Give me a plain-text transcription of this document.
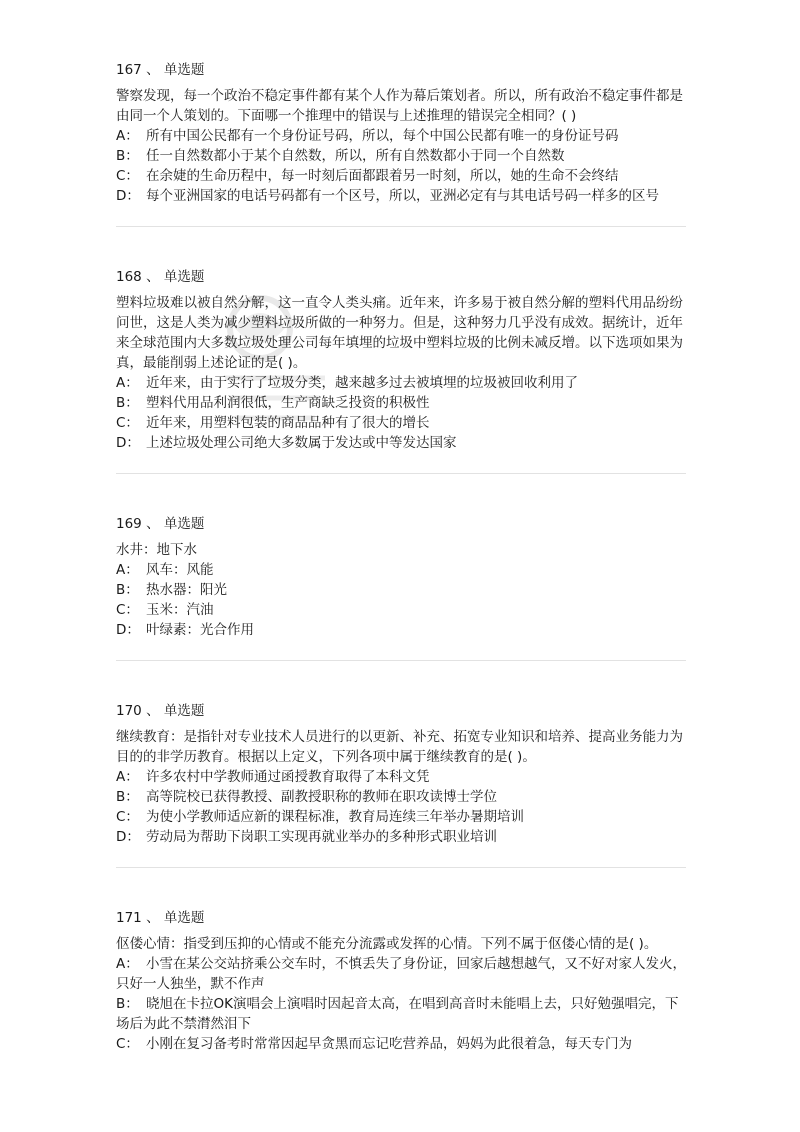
167 、 单选题

警察发现，每一个政治不稳定事件都有某个人作为幕后策划者。所以，所有政治不稳定事件都是由同一个人策划的。下面哪一个推理中的错误与上述推理的错误完全相同？( )

A： 所有中国公民都有一个身份证号码，所以，每个中国公民都有唯一的身份证号码

B： 任一自然数都小于某个自然数，所以，所有自然数都小于同一个自然数

C： 在余婕的生命历程中，每一时刻后面都跟着另一时刻，所以，她的生命不会终结

D： 每个亚洲国家的电话号码都有一个区号，所以，亚洲必定有与其电话号码一样多的区号

168 、 单选题

塑料垃圾难以被自然分解，这一直令人类头痛。近年来，许多易于被自然分解的塑料代用品纷纷问世，这是人类为减少塑料垃圾所做的一种努力。但是，这种努力几乎没有成效。据统计，近年来全球范围内大多数垃圾处理公司每年填埋的垃圾中塑料垃圾的比例未减反增。以下选项如果为真，最能削弱上述论证的是( )。

A： 近年来，由于实行了垃圾分类，越来越多过去被填埋的垃圾被回收利用了

B： 塑料代用品利润很低，生产商缺乏投资的积极性

C： 近年来，用塑料包装的商品品种有了很大的增长

D： 上述垃圾处理公司绝大多数属于发达或中等发达国家

169 、 单选题

水井：地下水

A： 风车：风能

B： 热水器：阳光

C： 玉米：汽油

D： 叶绿素：光合作用

170 、 单选题

继续教育：是指针对专业技术人员进行的以更新、补充、拓宽专业知识和培养、提高业务能力为目的的非学历教育。根据以上定义，下列各项中属于继续教育的是( )。

A： 许多农村中学教师通过函授教育取得了本科文凭

B： 高等院校已获得教授、副教授职称的教师在职攻读博士学位

C： 为使小学教师适应新的课程标准，教育局连续三年举办暑期培训

D： 劳动局为帮助下岗职工实现再就业举办的多种形式职业培训

171 、 单选题

伛偻心情：指受到压抑的心情或不能充分流露或发挥的心情。下列不属于伛偻心情的是( )。

A： 小雪在某公交站挤乘公交车时，不慎丢失了身份证，回家后越想越气，又不好对家人发火，只好一人独坐，默不作声

B： 晓旭在卡拉OK演唱会上演唱时因起音太高，在唱到高音时未能唱上去，只好勉强唱完，下场后为此不禁潸然泪下

C： 小刚在复习备考时常常因起早贪黑而忘记吃营养品，妈妈为此很着急，每天专门为
